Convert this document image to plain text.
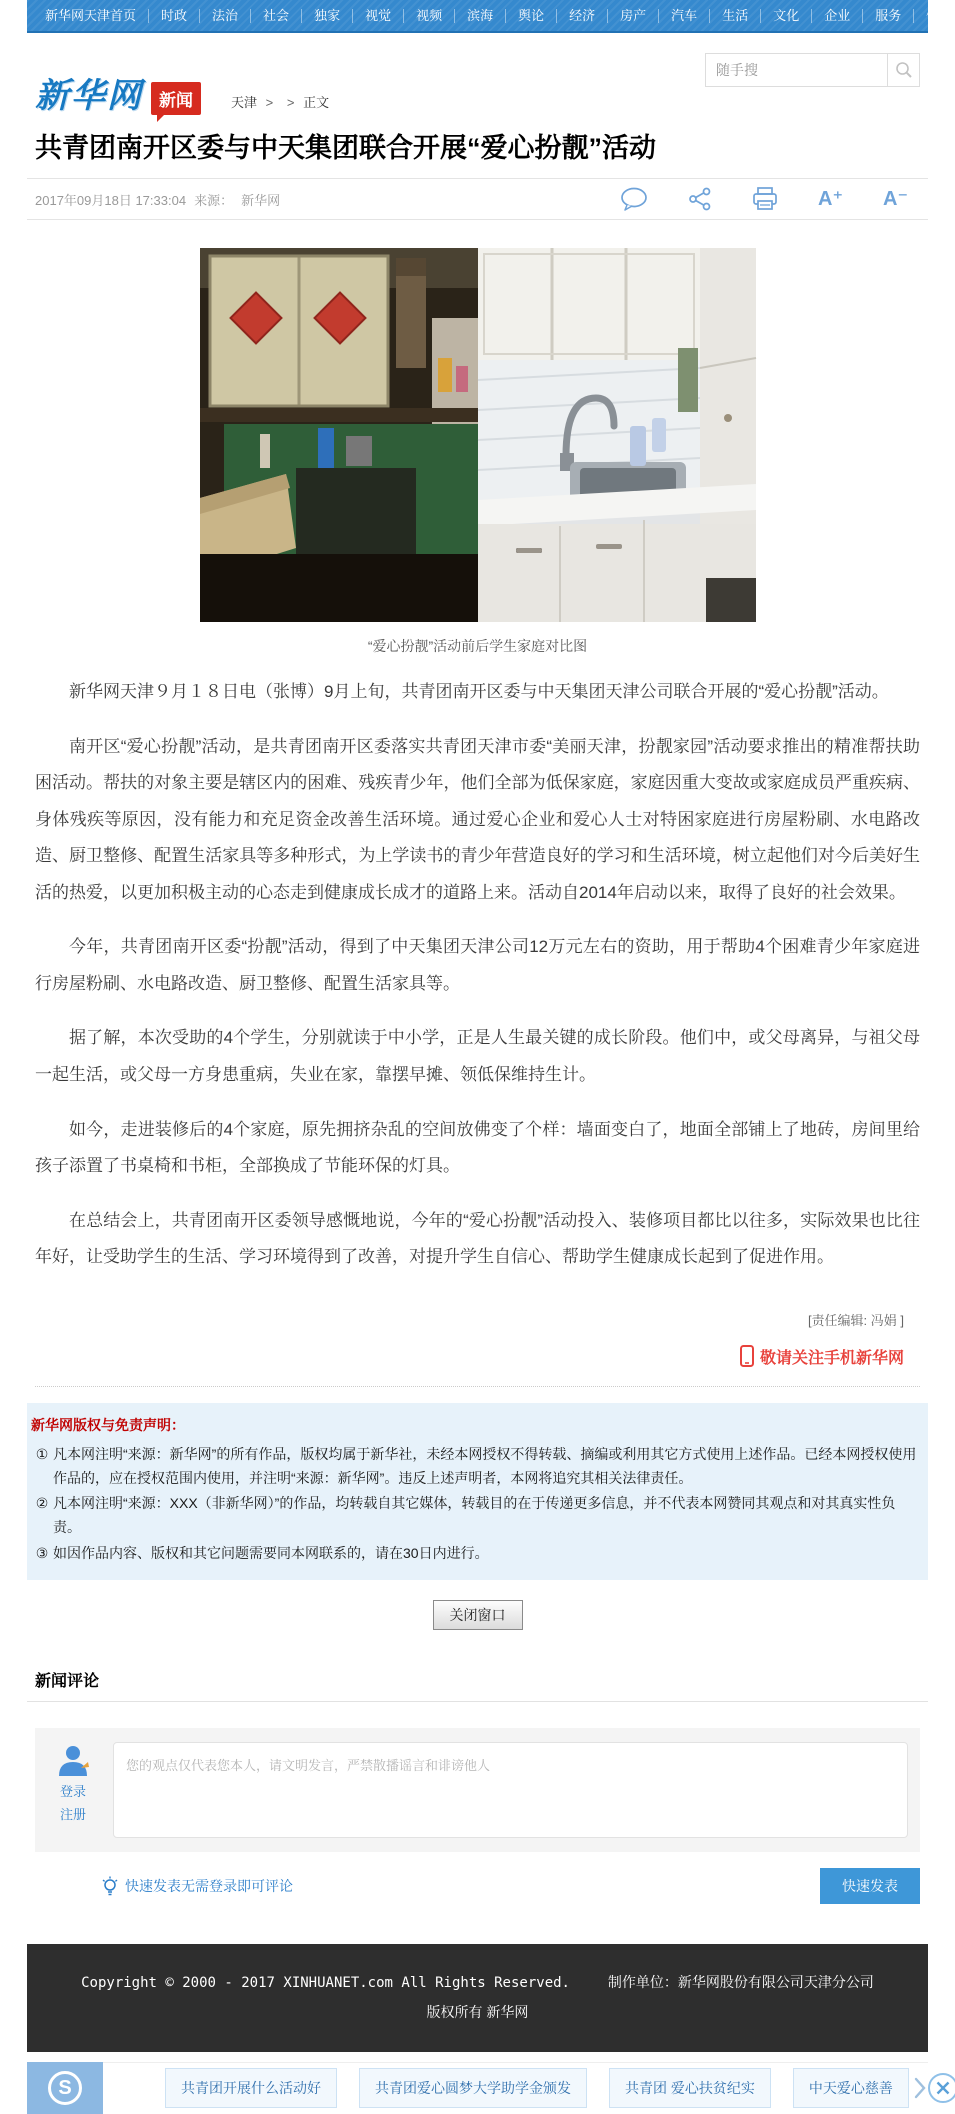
新华网天津首页	时政	法治	社会	独家	视觉	视频	滨海	舆论	经济	房产	汽车	生活	文化	企业	服务	健康
新华网 新闻	天津 > > 正文
随手搜
共青团南开区委与中天集团联合开展“爱心扮靓”活动
2017年09月18日 17:33:04 来源： 新华网	A⁺ A⁻
“爱心扮靓”活动前后学生家庭对比图

新华网天津９月１８日电（张博）9月上旬，共青团南开区委与中天集团天津公司联合开展的“爱心扮靓”活动。

南开区“爱心扮靓”活动，是共青团南开区委落实共青团天津市委“美丽天津，扮靓家园”活动要求推出的精准帮扶助困活动。帮扶的对象主要是辖区内的困难、残疾青少年，他们全部为低保家庭，家庭因重大变故或家庭成员严重疾病、身体残疾等原因，没有能力和充足资金改善生活环境。通过爱心企业和爱心人士对特困家庭进行房屋粉刷、水电路改造、厨卫整修、配置生活家具等多种形式，为上学读书的青少年营造良好的学习和生活环境，树立起他们对今后美好生活的热爱，以更加积极主动的心态走到健康成长成才的道路上来。活动自2014年启动以来，取得了良好的社会效果。

今年，共青团南开区委“扮靓”活动，得到了中天集团天津公司12万元左右的资助，用于帮助4个困难青少年家庭进行房屋粉刷、水电路改造、厨卫整修、配置生活家具等。

据了解，本次受助的4个学生，分别就读于中小学，正是人生最关键的成长阶段。他们中，或父母离异，与祖父母一起生活，或父母一方身患重病，失业在家，靠摆早摊、领低保维持生计。

如今，走进装修后的4个家庭，原先拥挤杂乱的空间放佛变了个样：墙面变白了，地面全部铺上了地砖，房间里给孩子添置了书桌椅和书柜，全部换成了节能环保的灯具。

在总结会上，共青团南开区委领导感慨地说，今年的“爱心扮靓”活动投入、装修项目都比以往多，实际效果也比往年好，让受助学生的生活、学习环境得到了改善，对提升学生自信心、帮助学生健康成长起到了促进作用。

[责任编辑: 冯娟 ]
敬请关注手机新华网
新华网版权与免责声明：
① 凡本网注明“来源：新华网”的所有作品，版权均属于新华社，未经本网授权不得转载、摘编或利用其它方式使用上述作品。已经本网授权使用作品的，应在授权范围内使用，并注明“来源：新华网”。违反上述声明者，本网将追究其相关法律责任。
② 凡本网注明“来源：XXX（非新华网）”的作品，均转载自其它媒体，转载目的在于传递更多信息，并不代表本网赞同其观点和对其真实性负责。
③ 如因作品内容、版权和其它问题需要同本网联系的，请在30日内进行。
关闭窗口
新闻评论
登录
注册
您的观点仅代表您本人，请文明发言，严禁散播谣言和诽谤他人
快速发表无需登录即可评论	快速发表
Copyright © 2000 - 2017 XINHUANET.com All Rights Reserved.	制作单位：新华网股份有限公司天津分公司
版权所有 新华网
S	共青团开展什么活动好	共青团爱心圆梦大学助学金颁发	共青团 爱心扶贫纪实	中天爱心慈善
